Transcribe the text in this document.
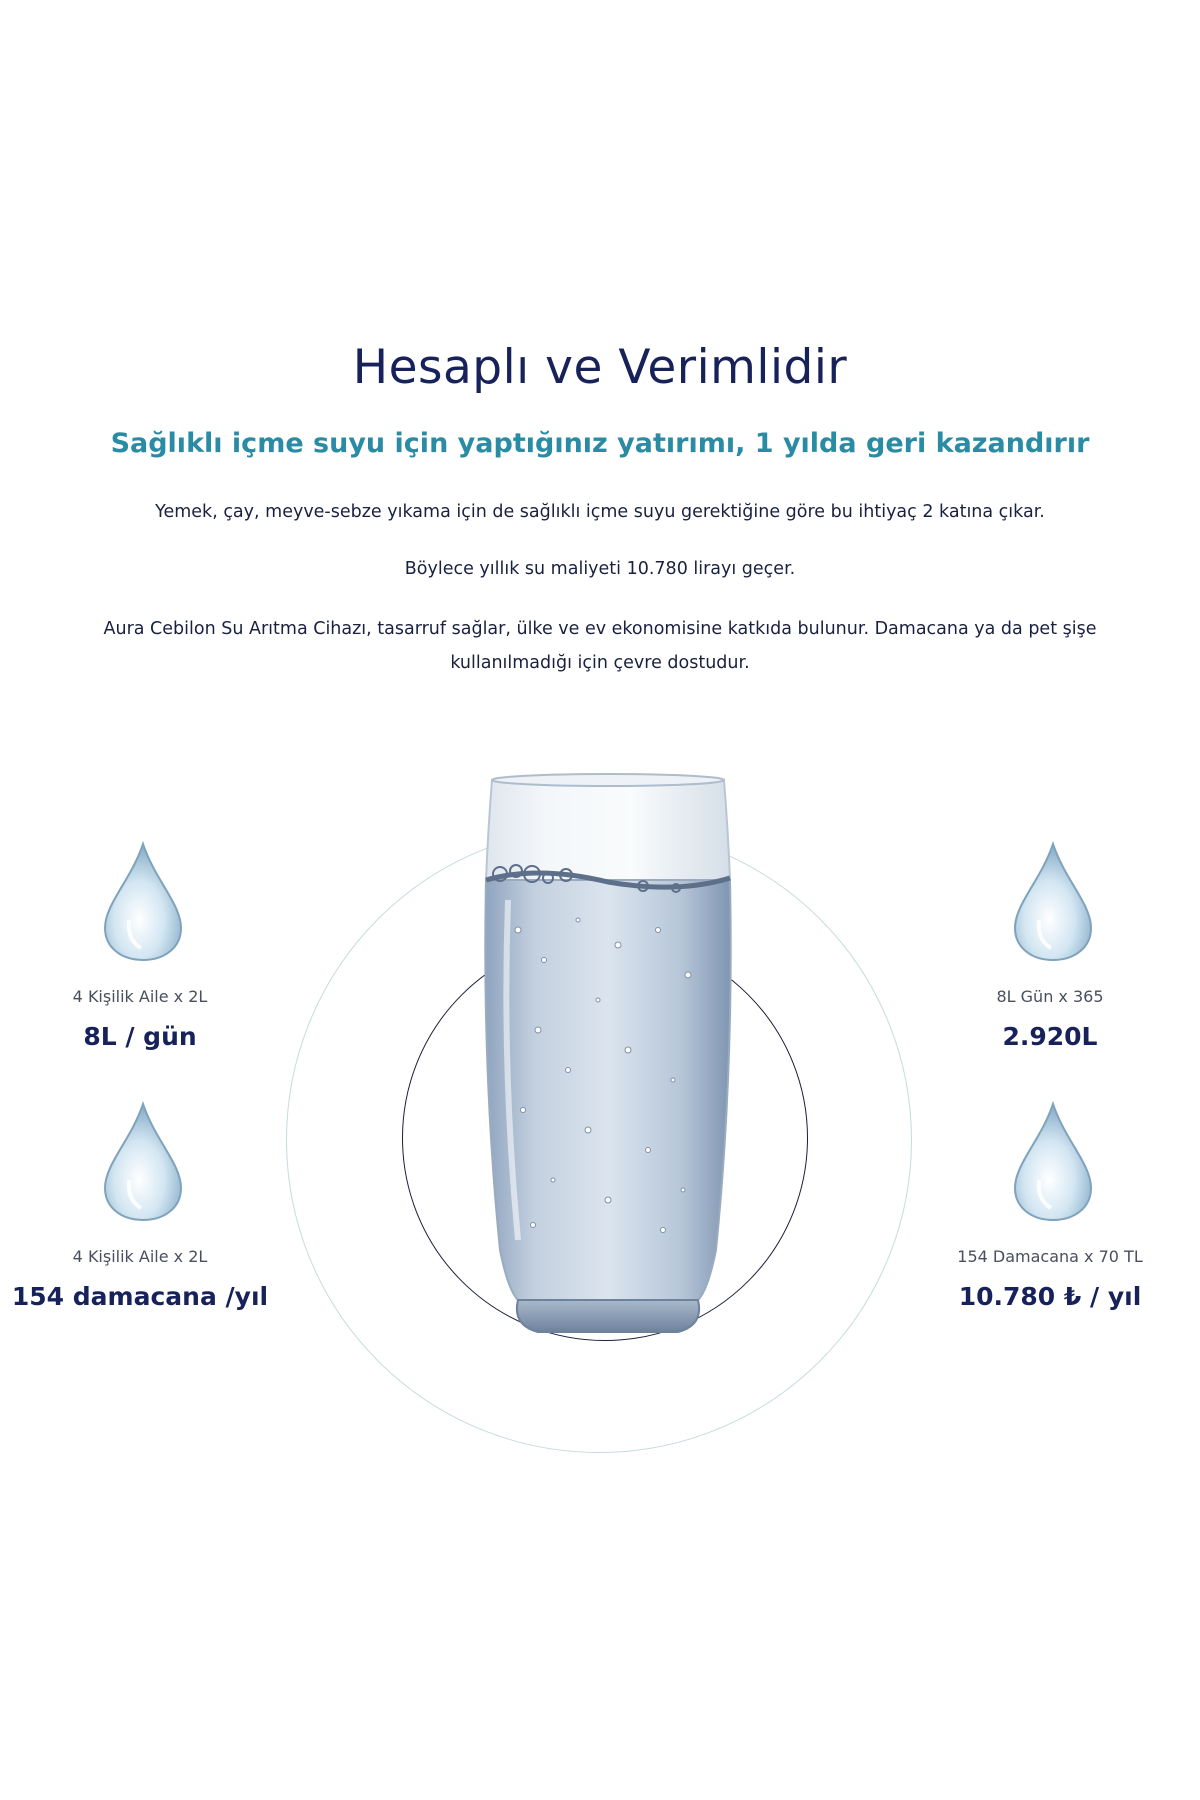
Hesaplı ve Verimlidir
Sağlıklı içme suyu için yaptığınız yatırımı, 1 yılda geri kazandırır

Yemek, çay, meyve-sebze yıkama için de sağlıklı içme suyu gerektiğine göre bu ihtiyaç 2 katına çıkar.

Böylece yıllık su maliyeti 10.780 lirayı geçer.

Aura Cebilon Su Arıtma Cihazı, tasarruf sağlar, ülke ve ev ekonomisine katkıda bulunur. Damacana ya da pet şişe kullanılmadığı için çevre dostudur.

4 Kişilik Aile x 2L

8L / gün

4 Kişilik Aile x 2L

154 damacana /yıl

8L Gün x 365

2.920L

154 Damacana x 70 TL

10.780 ₺ / yıl
